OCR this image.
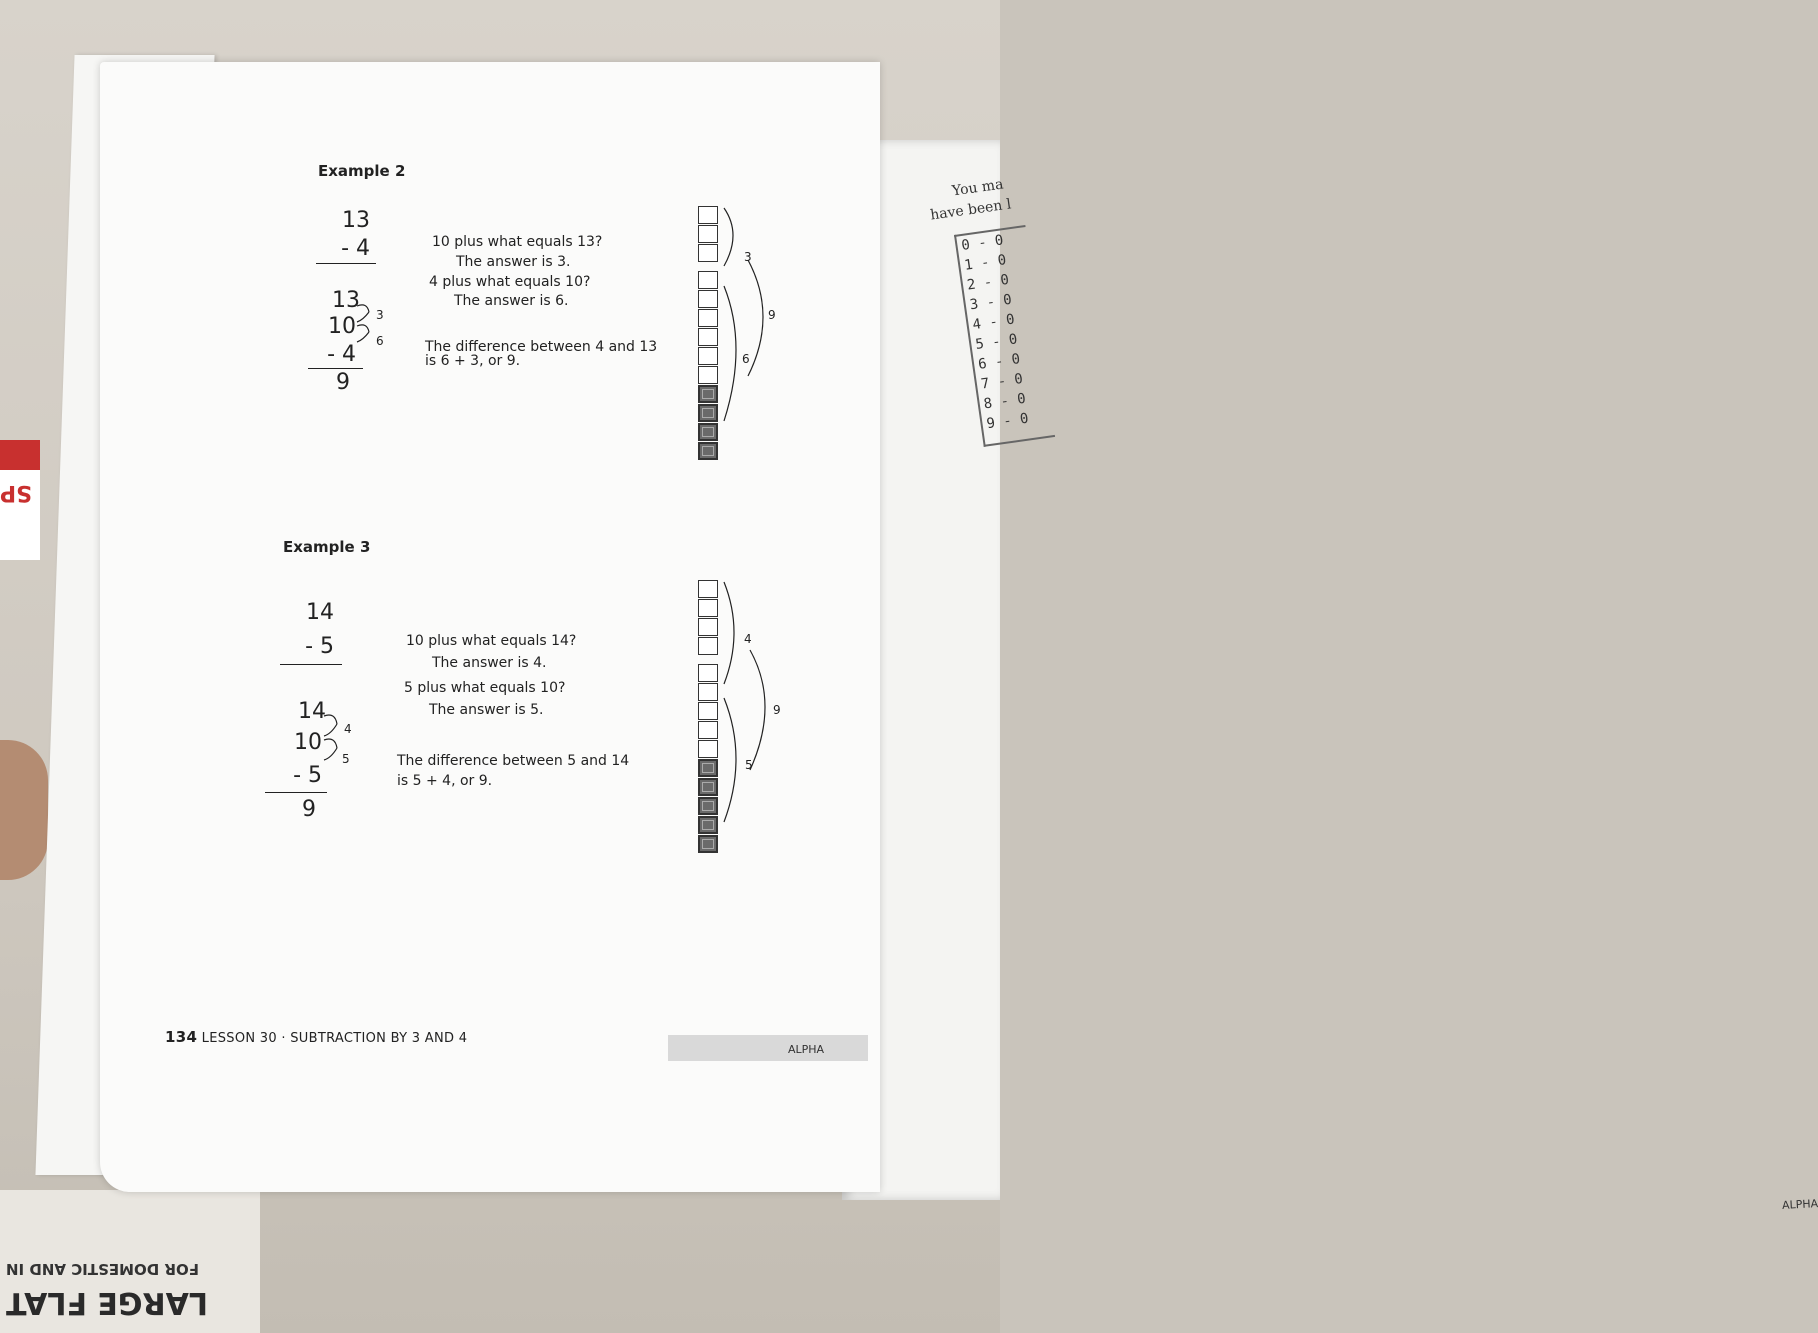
FOR DOMESTIC AND IN
LARGE FLAT
SP
You ma
have been l
0 - 0
1 - 0
2 - 0
3 - 0
4 - 0
5 - 0
6 - 0
7 - 0
8 - 0
9 - 0
ALPHA
Example 2
13
- 4
13
10
- 4
9
3
6
10 plus what equals 13?
The answer is 3.
4 plus what equals 10?
The answer is 6.
The difference between 4 and 13
is 6 + 3, or 9.
3
9
6
Example 3
14
- 5
14
10
- 5
9
4
5
10 plus what equals 14?
The answer is 4.
5 plus what equals 10?
The answer is 5.
The difference between 5 and 14
is 5 + 4, or 9.
4
9
5
134 LESSON 30 · SUBTRACTION BY 3 AND 4
ALPHA
